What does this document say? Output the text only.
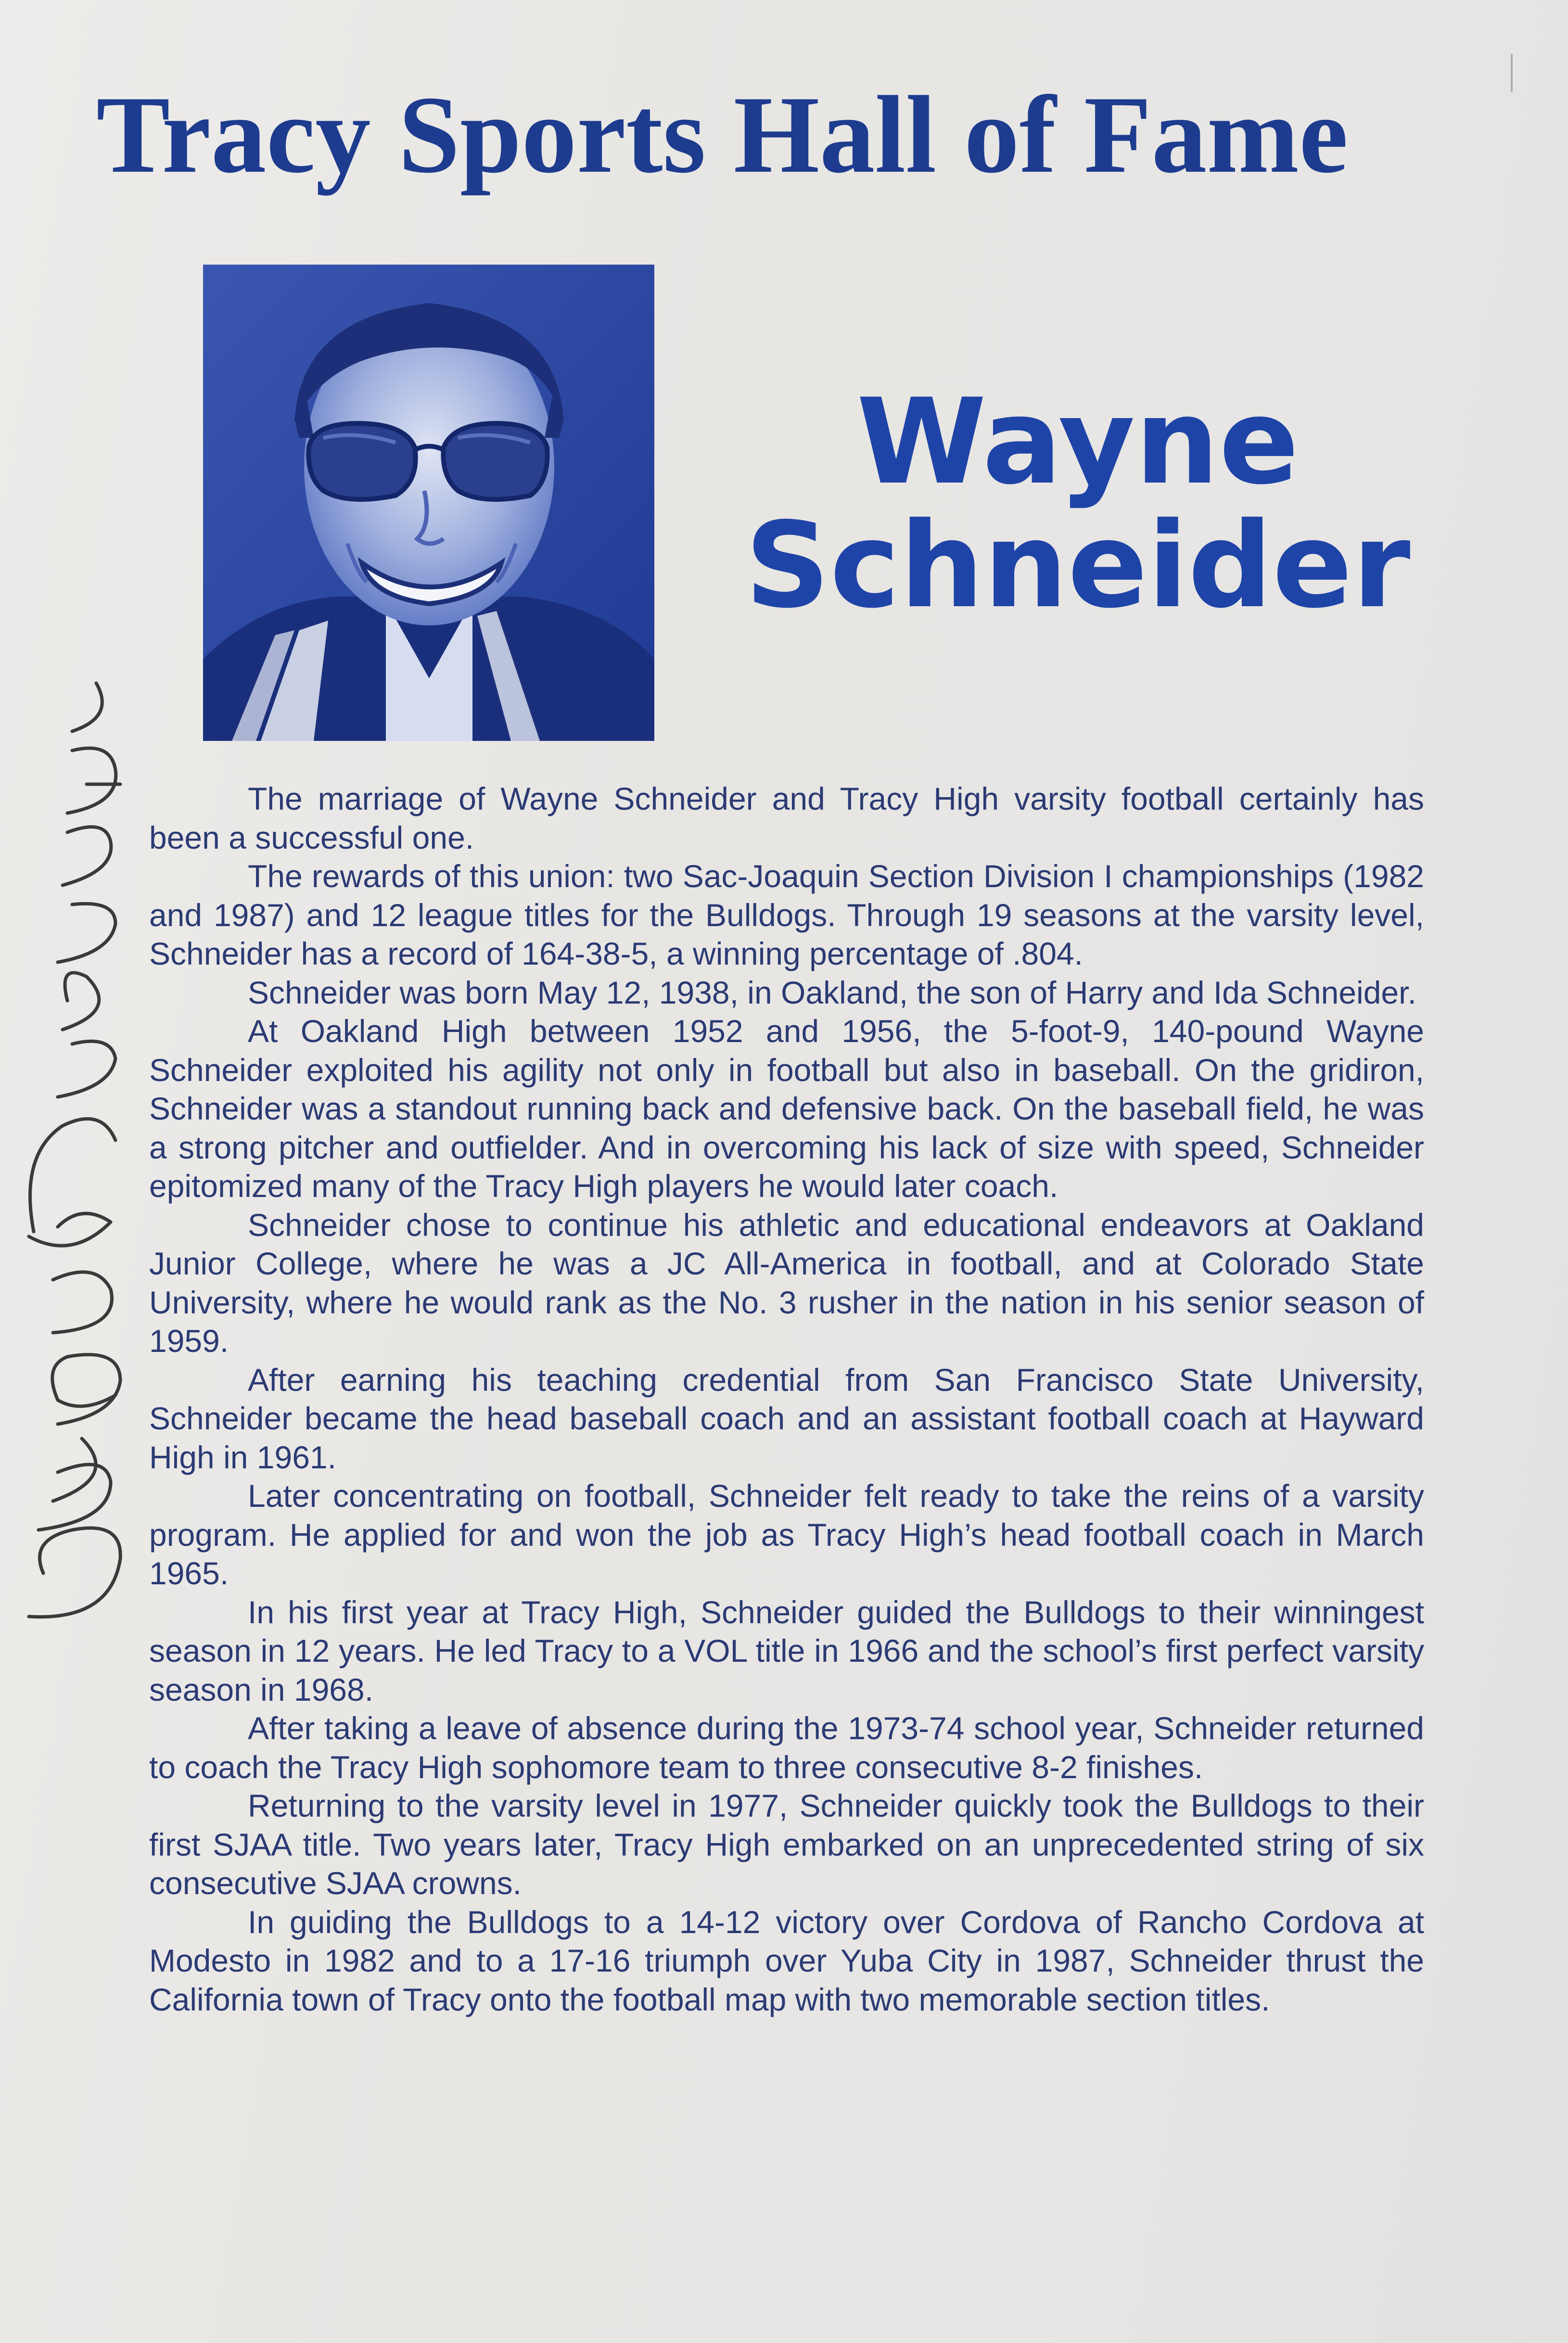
Tracy Sports Hall of Fame
Wayne
Schneider

The marriage of Wayne Schneider and Tracy High varsity football certainly has been a successful one.

The rewards of this union: two Sac-Joaquin Section Division I championships (1982 and 1987) and 12 league titles for the Bulldogs. Through 19 seasons at the varsity level, Schneider has a record of 164-38-5, a winning percentage of .804.

Schneider was born May 12, 1938, in Oakland, the son of Harry and Ida Schneider.

At Oakland High between 1952 and 1956, the 5-foot-9, 140-pound Wayne Schneider exploited his agility not only in football but also in baseball. On the gridiron, Schneider was a standout running back and defensive back. On the baseball field, he was a strong pitcher and outfielder. And in overcoming his lack of size with speed, Schneider epitomized many of the Tracy High players he would later coach.

Schneider chose to continue his athletic and educational endeavors at Oakland Junior College, where he was a JC All-America in football, and at Colorado State University, where he would rank as the No. 3 rusher in the nation in his senior season of 1959.

After earning his teaching credential from San Francisco State University, Schneider became the head baseball coach and an assistant football coach at Hayward High in 1961.

Later concentrating on football, Schneider felt ready to take the reins of a varsity program. He applied for and won the job as Tracy High’s head football coach in March 1965.

In his first year at Tracy High, Schneider guided the Bulldogs to their winningest season in 12 years. He led Tracy to a VOL title in 1966 and the school’s first perfect varsity season in 1968.

After taking a leave of absence during the 1973-74 school year, Schneider returned to coach the Tracy High sophomore team to three consecutive 8-2 finishes.

Returning to the varsity level in 1977, Schneider quickly took the Bulldogs to their first SJAA title. Two years later, Tracy High embarked on an unprecedented string of six consecutive SJAA crowns.

In guiding the Bulldogs to a 14-12 victory over Cordova of Rancho Cordova at Modesto in 1982 and to a 17-16 triumph over Yuba City in 1987, Schneider thrust the California town of Tracy onto the football map with two memorable section titles.
